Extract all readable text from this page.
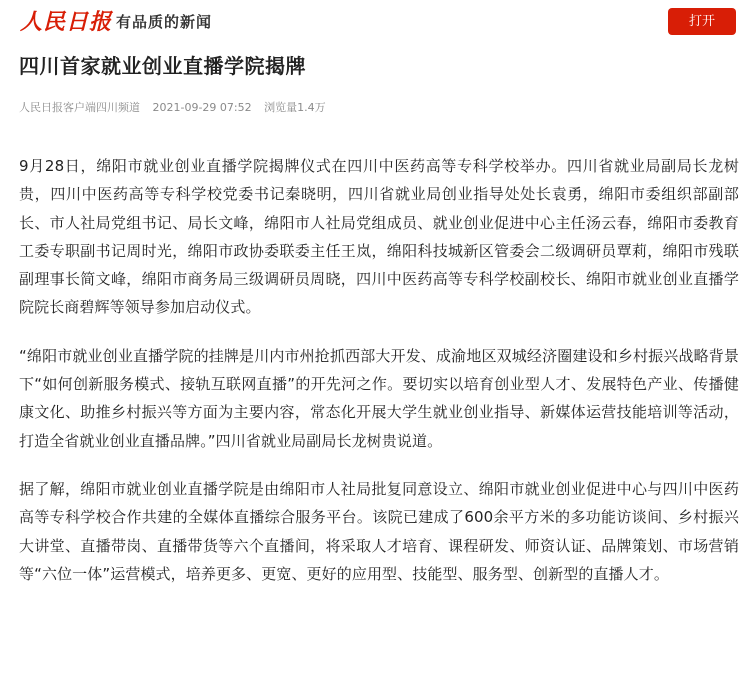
人民日报 有品质的新闻	打开
四川首家就业创业直播学院揭牌
人民日报客户端四川频道 2021-09-29 07:52 浏览量1.4万

9月28日，绵阳市就业创业直播学院揭牌仪式在四川中医药高等专科学校举办。四川省就业局副局长龙树贵，四川中医药高等专科学校党委书记秦晓明，四川省就业局创业指导处处长袁勇，绵阳市委组织部副部长、市人社局党组书记、局长文峰，绵阳市人社局党组成员、就业创业促进中心主任汤云春，绵阳市委教育工委专职副书记周时光，绵阳市政协委联委主任王岚，绵阳科技城新区管委会二级调研员覃莉，绵阳市残联副理事长简文峰，绵阳市商务局三级调研员周晓，四川中医药高等专科学校副校长、绵阳市就业创业直播学院院长商碧辉等领导参加启动仪式。

“绵阳市就业创业直播学院的挂牌是川内市州抢抓西部大开发、成渝地区双城经济圈建设和乡村振兴战略背景下“如何创新服务模式、接轨互联网直播”的开先河之作。要切实以培育创业型人才、发展特色产业、传播健康文化、助推乡村振兴等方面为主要内容，常态化开展大学生就业创业指导、新媒体运营技能培训等活动，打造全省就业创业直播品牌。”四川省就业局副局长龙树贵说道。

据了解，绵阳市就业创业直播学院是由绵阳市人社局批复同意设立、绵阳市就业创业促进中心与四川中医药高等专科学校合作共建的全媒体直播综合服务平台。该院已建成了600余平方米的多功能访谈间、乡村振兴大讲堂、直播带岗、直播带货等六个直播间，将采取人才培育、课程研发、师资认证、品牌策划、市场营销等“六位一体”运营模式，培养更多、更宽、更好的应用型、技能型、服务型、创新型的直播人才。
